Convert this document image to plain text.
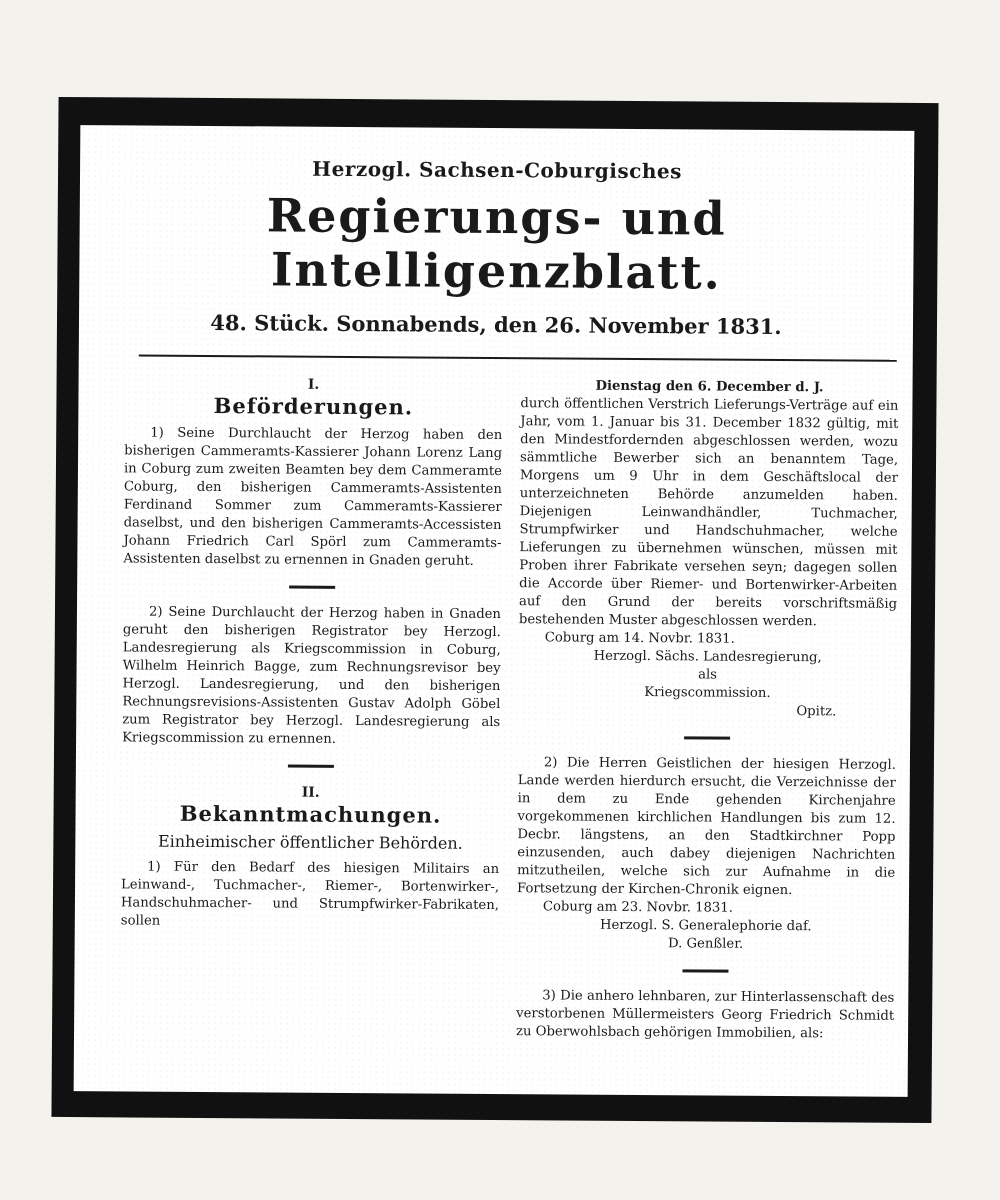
Herzogl. Sachsen-Coburgisches
Regierungs- und Intelligenzblatt.
48. Stück. Sonnabends, den 26. November 1831.
I.
Beförderungen.

1) Seine Durchlaucht der Herzog haben den bisherigen Cammeramts-Kassierer Johann Lorenz Lang in Coburg zum zweiten Beamten bey dem Cammeramte Coburg, den bisherigen Cammeramts-Assistenten Ferdinand Sommer zum Cammeramts-Kassierer daselbst, und den bisherigen Cammeramts-Accessisten Johann Friedrich Carl Spörl zum Cammeramts-Assistenten daselbst zu ernennen in Gnaden geruht.

2) Seine Durchlaucht der Herzog haben in Gnaden geruht den bisherigen Registrator bey Herzogl. Landesregierung als Kriegscommission in Coburg, Wilhelm Heinrich Bagge, zum Rechnungsrevisor bey Herzogl. Landesregierung, und den bisherigen Rechnungsrevisions-Assistenten Gustav Adolph Göbel zum Registrator bey Herzogl. Landesregierung als Kriegscommission zu ernennen.

II.
Bekanntmachungen.
Einheimischer öffentlicher Behörden.

1) Für den Bedarf des hiesigen Militairs an Leinwand-, Tuchmacher-, Riemer-, Bortenwirker-, Handschuhmacher- und Strumpfwirker-Fabrikaten, sollen

Dienstag den 6. December d. J.

durch öffentlichen Verstrich Lieferungs-Verträge auf ein Jahr, vom 1. Januar bis 31. December 1832 gültig, mit den Mindestfordernden abgeschlossen werden, wozu sämmtliche Bewerber sich an benanntem Tage, Morgens um 9 Uhr in dem Geschäftslocal der unterzeichneten Behörde anzumelden haben. Diejenigen Leinwandhändler, Tuchmacher, Strumpfwirker und Handschuhmacher, welche Lieferungen zu übernehmen wünschen, müssen mit Proben ihrer Fabrikate versehen seyn; dagegen sollen die Accorde über Riemer- und Bortenwirker-Arbeiten auf den Grund der bereits vorschriftsmäßig bestehenden Muster abgeschlossen werden.

Coburg am 14. Novbr. 1831.

Herzogl. Sächs. Landesregierung,

als

Kriegscommission.

Opitz.

2) Die Herren Geistlichen der hiesigen Herzogl. Lande werden hierdurch ersucht, die Verzeichnisse der in dem zu Ende gehenden Kirchenjahre vorgekommenen kirchlichen Handlungen bis zum 12. Decbr. längstens, an den Stadtkirchner Popp einzusenden, auch dabey diejenigen Nachrichten mitzutheilen, welche sich zur Aufnahme in die Fortsetzung der Kirchen-Chronik eignen.

Coburg am 23. Novbr. 1831.

Herzogl. S. Generalephorie daf.

D. Genßler.

3) Die anhero lehnbaren, zur Hinterlassenschaft des verstorbenen Müllermeisters Georg Friedrich Schmidt zu Oberwohlsbach gehörigen Immobilien, als:
